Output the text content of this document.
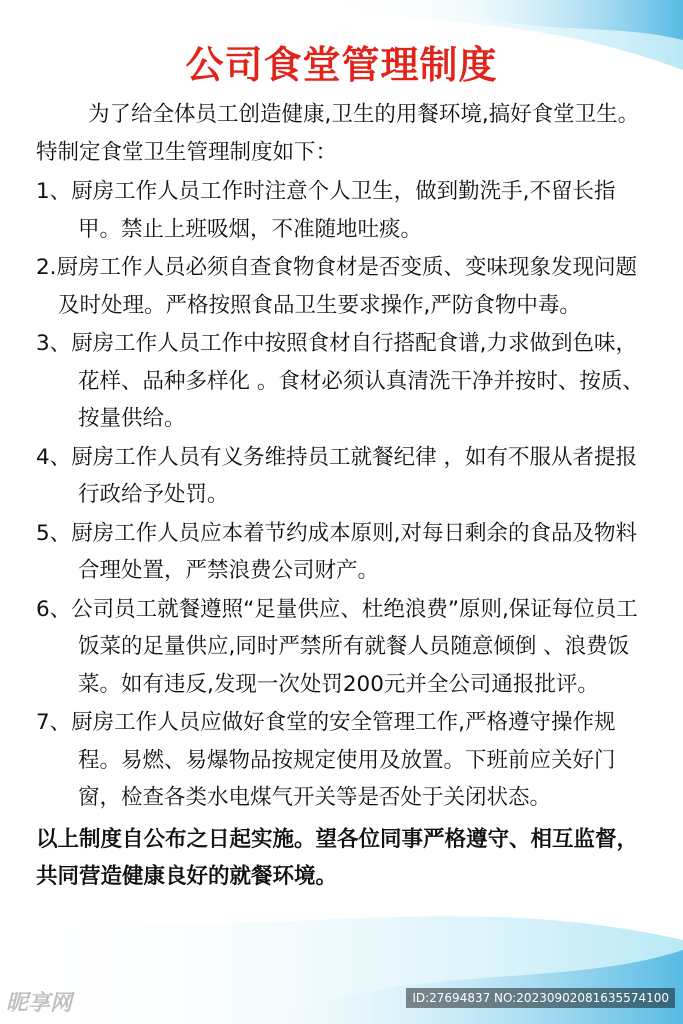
公司食堂管理制度

为了给全体员工创造健康,卫生的用餐环境,搞好食堂卫生。特制定食堂卫生管理制度如下：

1、厨房工作人员工作时注意个人卫生，做到勤洗手,不留长指甲。禁止上班吸烟，不准随地吐痰。

2.厨房工作人员必须自查食物食材是否变质、变味现象发现问题及时处理。严格按照食品卫生要求操作,严防食物中毒。

3、厨房工作人员工作中按照食材自行搭配食谱,力求做到色味，花样、品种多样化 。食材必须认真清洗干净并按时、按质、按量供给。

4、厨房工作人员有义务维持员工就餐纪律 ，如有不服从者提报行政给予处罚。

5、厨房工作人员应本着节约成本原则,对每日剩余的食品及物料合理处置，严禁浪费公司财产。

6、公司员工就餐遵照“足量供应、杜绝浪费”原则,保证每位员工饭菜的足量供应,同时严禁所有就餐人员随意倾倒 、浪费饭菜。如有违反,发现一次处罚200元并全公司通报批评。

7、厨房工作人员应做好食堂的安全管理工作,严格遵守操作规程。易燃、易爆物品按规定使用及放置。下班前应关好门窗，检查各类水电煤气开关等是否处于关闭状态。

以上制度自公布之日起实施。望各位同事严格遵守、相互监督，共同营造健康良好的就餐环境。

昵享网	ID:27694837 NO:20230902081635574100
